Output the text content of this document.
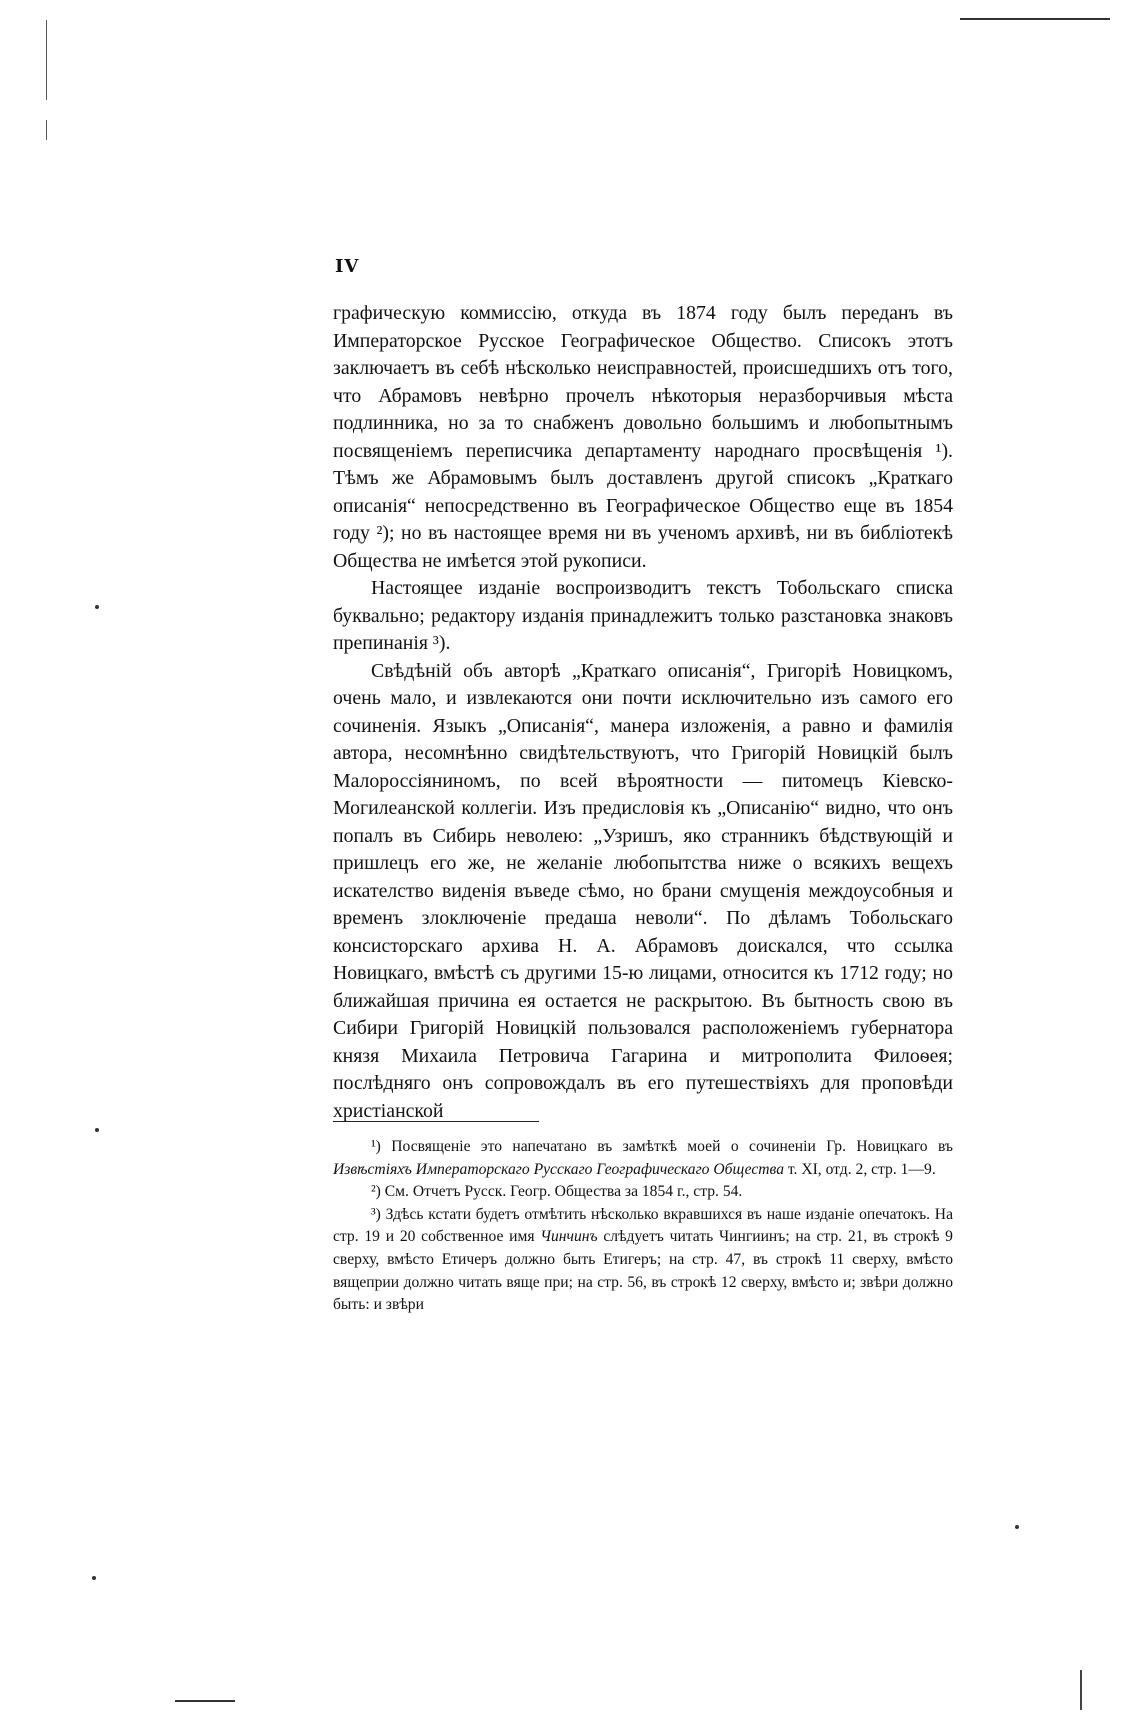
IV

графическую коммиссію, откуда въ 1874 году былъ переданъ въ Императорское Русское Географическое Общество. Списокъ этотъ заключаетъ въ себѣ нѣсколько неисправностей, происшедшихъ отъ того, что Абрамовъ невѣрно прочелъ нѣкоторыя неразборчивыя мѣста подлинника, но за то снабженъ довольно большимъ и любопытнымъ посвященіемъ переписчика департаменту народнаго просвѣщенія ¹). Тѣмъ же Абрамовымъ былъ доставленъ другой списокъ „Краткаго описанія“ непосредственно въ Географическое Общество еще въ 1854 году ²); но въ настоящее время ни въ ученомъ архивѣ, ни въ библіотекѣ Общества не имѣется этой рукописи.

Настоящее изданіе воспроизводитъ текстъ Тобольскаго списка буквально; редактору изданія принадлежитъ только разстановка знаковъ препинанія ³).

Свѣдѣній объ авторѣ „Краткаго описанія“, Григоріѣ Новицкомъ, очень мало, и извлекаются они почти исключительно изъ самого его сочиненія. Языкъ „Описанія“, манера изложенія, а равно и фамилія автора, несомнѣнно свидѣтельствуютъ, что Григорій Новицкій былъ Малороссіяниномъ, по всей вѣроятности — питомецъ Кіевско-Могилеанской коллегіи. Изъ предисловія къ „Описанію“ видно, что онъ попалъ въ Сибирь неволею: „Узришъ, яко странникъ бѣдствующій и пришлецъ его же, не желаніе любопытства ниже о всякихъ вещехъ искателство виденія въведе сѣмо, но брани смущенія междоусобныя и временъ злоключеніе предаша неволи“. По дѣламъ Тобольскаго консисторскаго архива Н. А. Абрамовъ доискался, что ссылка Новицкаго, вмѣстѣ съ другими 15-ю лицами, относится къ 1712 году; но ближайшая причина ея остается не раскрытою. Въ бытность свою въ Сибири Григорій Новицкій пользовался расположеніемъ губернатора князя Михаила Петровича Гагарина и митрополита Филоѳея; послѣдняго онъ сопровождалъ въ его путешествіяхъ для проповѣди христіанской

¹) Посвященіе это напечатано въ замѣткѣ моей о сочиненіи Гр. Новицкаго въ Извѣстіяхъ Императорскаго Русскаго Географическаго Общества т. XI, отд. 2, стр. 1—9.

²) См. Отчетъ Русск. Геогр. Общества за 1854 г., стр. 54.

³) Здѣсь кстати будетъ отмѣтить нѣсколько вкравшихся въ наше изданіе опечатокъ. На стр. 19 и 20 собственное имя Чинчинъ слѣдуетъ читать Чингиинъ; на стр. 21, въ строкѣ 9 сверху, вмѣсто Етичеръ должно быть Етигеръ; на стр. 47, въ строкѣ 11 сверху, вмѣсто вящеприи должно читать вяще при; на стр. 56, въ строкѣ 12 сверху, вмѣсто и; звѣри должно быть: и звѣри
